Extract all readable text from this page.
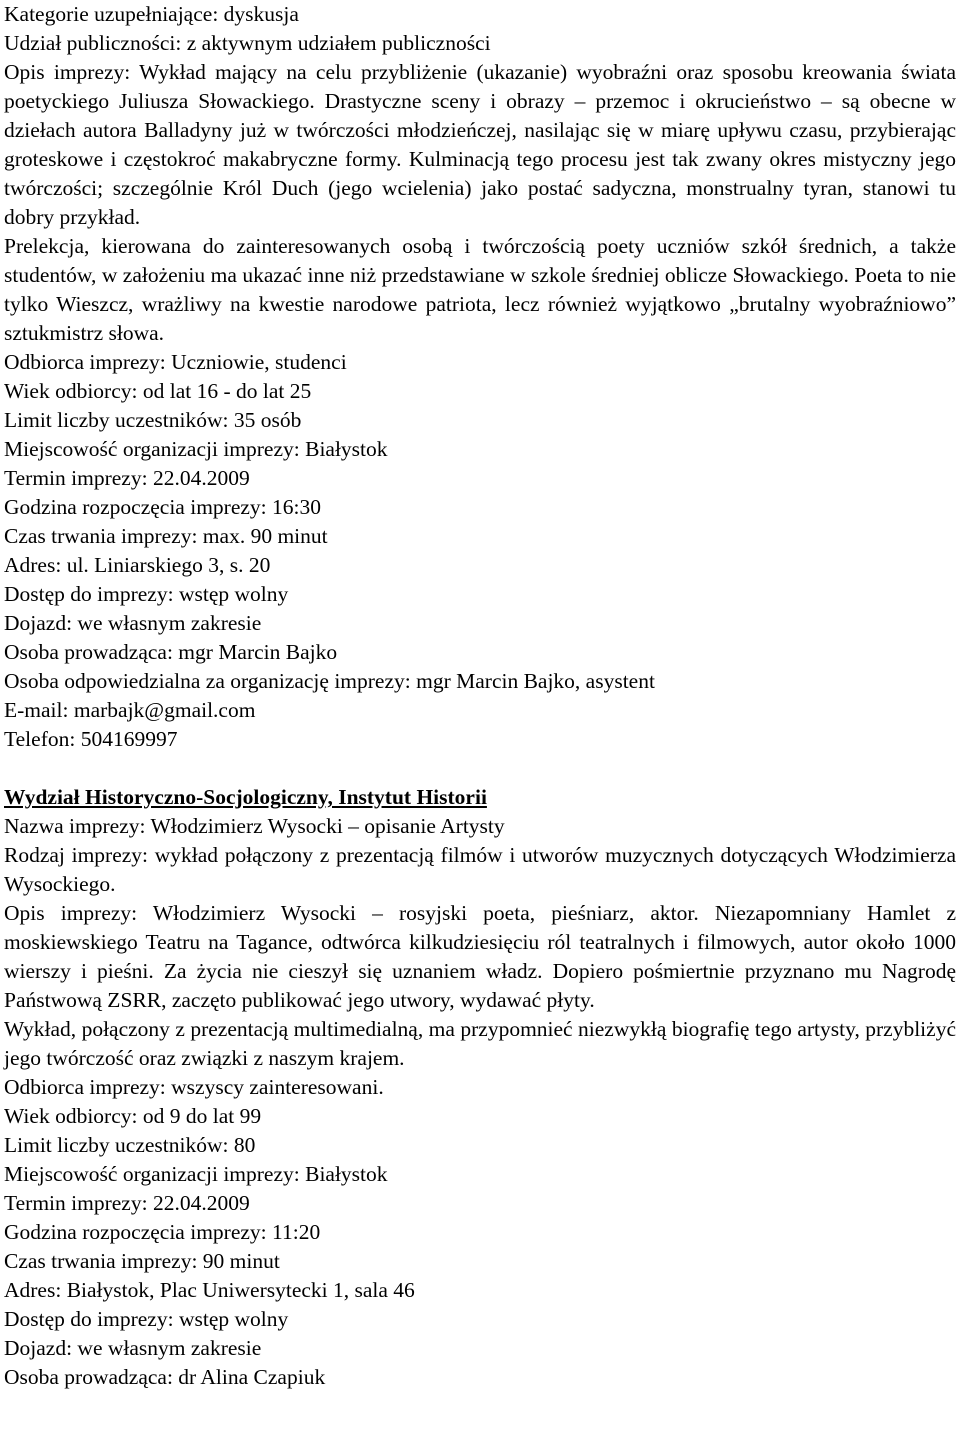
Kategorie uzupełniające: dyskusja
Udział publiczności: z aktywnym udziałem publiczności
Opis imprezy: Wykład mający na celu przybliżenie (ukazanie) wyobraźni oraz sposobu kreowania świata poetyckiego Juliusza Słowackiego. Drastyczne sceny i obrazy – przemoc i okrucieństwo – są obecne w dziełach autora Balladyny już w twórczości młodzieńczej, nasilając się w miarę upływu czasu, przybierając groteskowe i częstokroć makabryczne formy. Kulminacją tego procesu jest tak zwany okres mistyczny jego twórczości; szczególnie Król Duch (jego wcielenia) jako postać sadyczna, monstrualny tyran, stanowi tu dobry przykład.
Prelekcja, kierowana do zainteresowanych osobą i twórczością poety uczniów szkół średnich, a także studentów, w założeniu ma ukazać inne niż przedstawiane w szkole średniej oblicze Słowackiego. Poeta to nie tylko Wieszcz, wrażliwy na kwestie narodowe patriota, lecz również wyjątkowo „brutalny wyobraźniowo” sztukmistrz słowa.
Odbiorca imprezy: Uczniowie, studenci
Wiek odbiorcy: od lat 16 - do lat 25
Limit liczby uczestników: 35 osób
Miejscowość organizacji imprezy: Białystok
Termin imprezy: 22.04.2009
Godzina rozpoczęcia imprezy: 16:30
Czas trwania imprezy: max. 90 minut
Adres: ul. Liniarskiego 3, s. 20
Dostęp do imprezy: wstęp wolny
Dojazd: we własnym zakresie
Osoba prowadząca: mgr Marcin Bajko
Osoba odpowiedzialna za organizację imprezy: mgr Marcin Bajko, asystent
E-mail: marbajk@gmail.com
Telefon: 504169997
Wydział Historyczno-Socjologiczny, Instytut Historii
Nazwa imprezy: Włodzimierz Wysocki – opisanie Artysty
Rodzaj imprezy: wykład połączony z prezentacją filmów i utworów muzycznych dotyczących Włodzimierza Wysockiego.
Opis imprezy: Włodzimierz Wysocki – rosyjski poeta, pieśniarz, aktor. Niezapomniany Hamlet z moskiewskiego Teatru na Tagance, odtwórca kilkudziesięciu ról teatralnych i filmowych, autor około 1000 wierszy i pieśni. Za życia nie cieszył się uznaniem władz. Dopiero pośmiertnie przyznano mu Nagrodę Państwową ZSRR, zaczęto publikować jego utwory, wydawać płyty.
Wykład, połączony z prezentacją multimedialną, ma przypomnieć niezwykłą biografię tego artysty, przybliżyć jego twórczość oraz związki z naszym krajem.
Odbiorca imprezy: wszyscy zainteresowani.
Wiek odbiorcy: od 9 do lat 99
Limit liczby uczestników: 80
Miejscowość organizacji imprezy: Białystok
Termin imprezy: 22.04.2009
Godzina rozpoczęcia imprezy: 11:20
Czas trwania imprezy: 90 minut
Adres: Białystok, Plac Uniwersytecki 1, sala 46
Dostęp do imprezy: wstęp wolny
Dojazd: we własnym zakresie
Osoba prowadząca: dr Alina Czapiuk
